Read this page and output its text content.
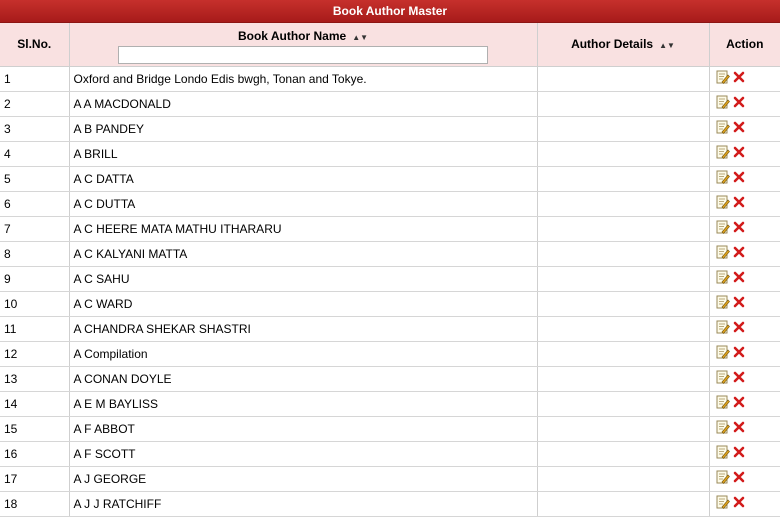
Book Author Master
Sl.No.	Book Author Name ▲▼	Author Details ▲▼	Action
1	Oxford and Bridge Londo Edis bwgh, Tonan and Tokye.		

2	A A MACDONALD		

3	A B PANDEY		

4	A BRILL		

5	A C DATTA		

6	A C DUTTA		

7	A C HEERE MATA MATHU ITHARARU		

8	A C KALYANI MATTA		

9	A C SAHU		

10	A C WARD		

11	A CHANDRA SHEKAR SHASTRI		

12	A Compilation		

13	A CONAN DOYLE		

14	A E M BAYLISS		

15	A F ABBOT		

16	A F SCOTT		

17	A J GEORGE		

18	A J J RATCHIFF		
